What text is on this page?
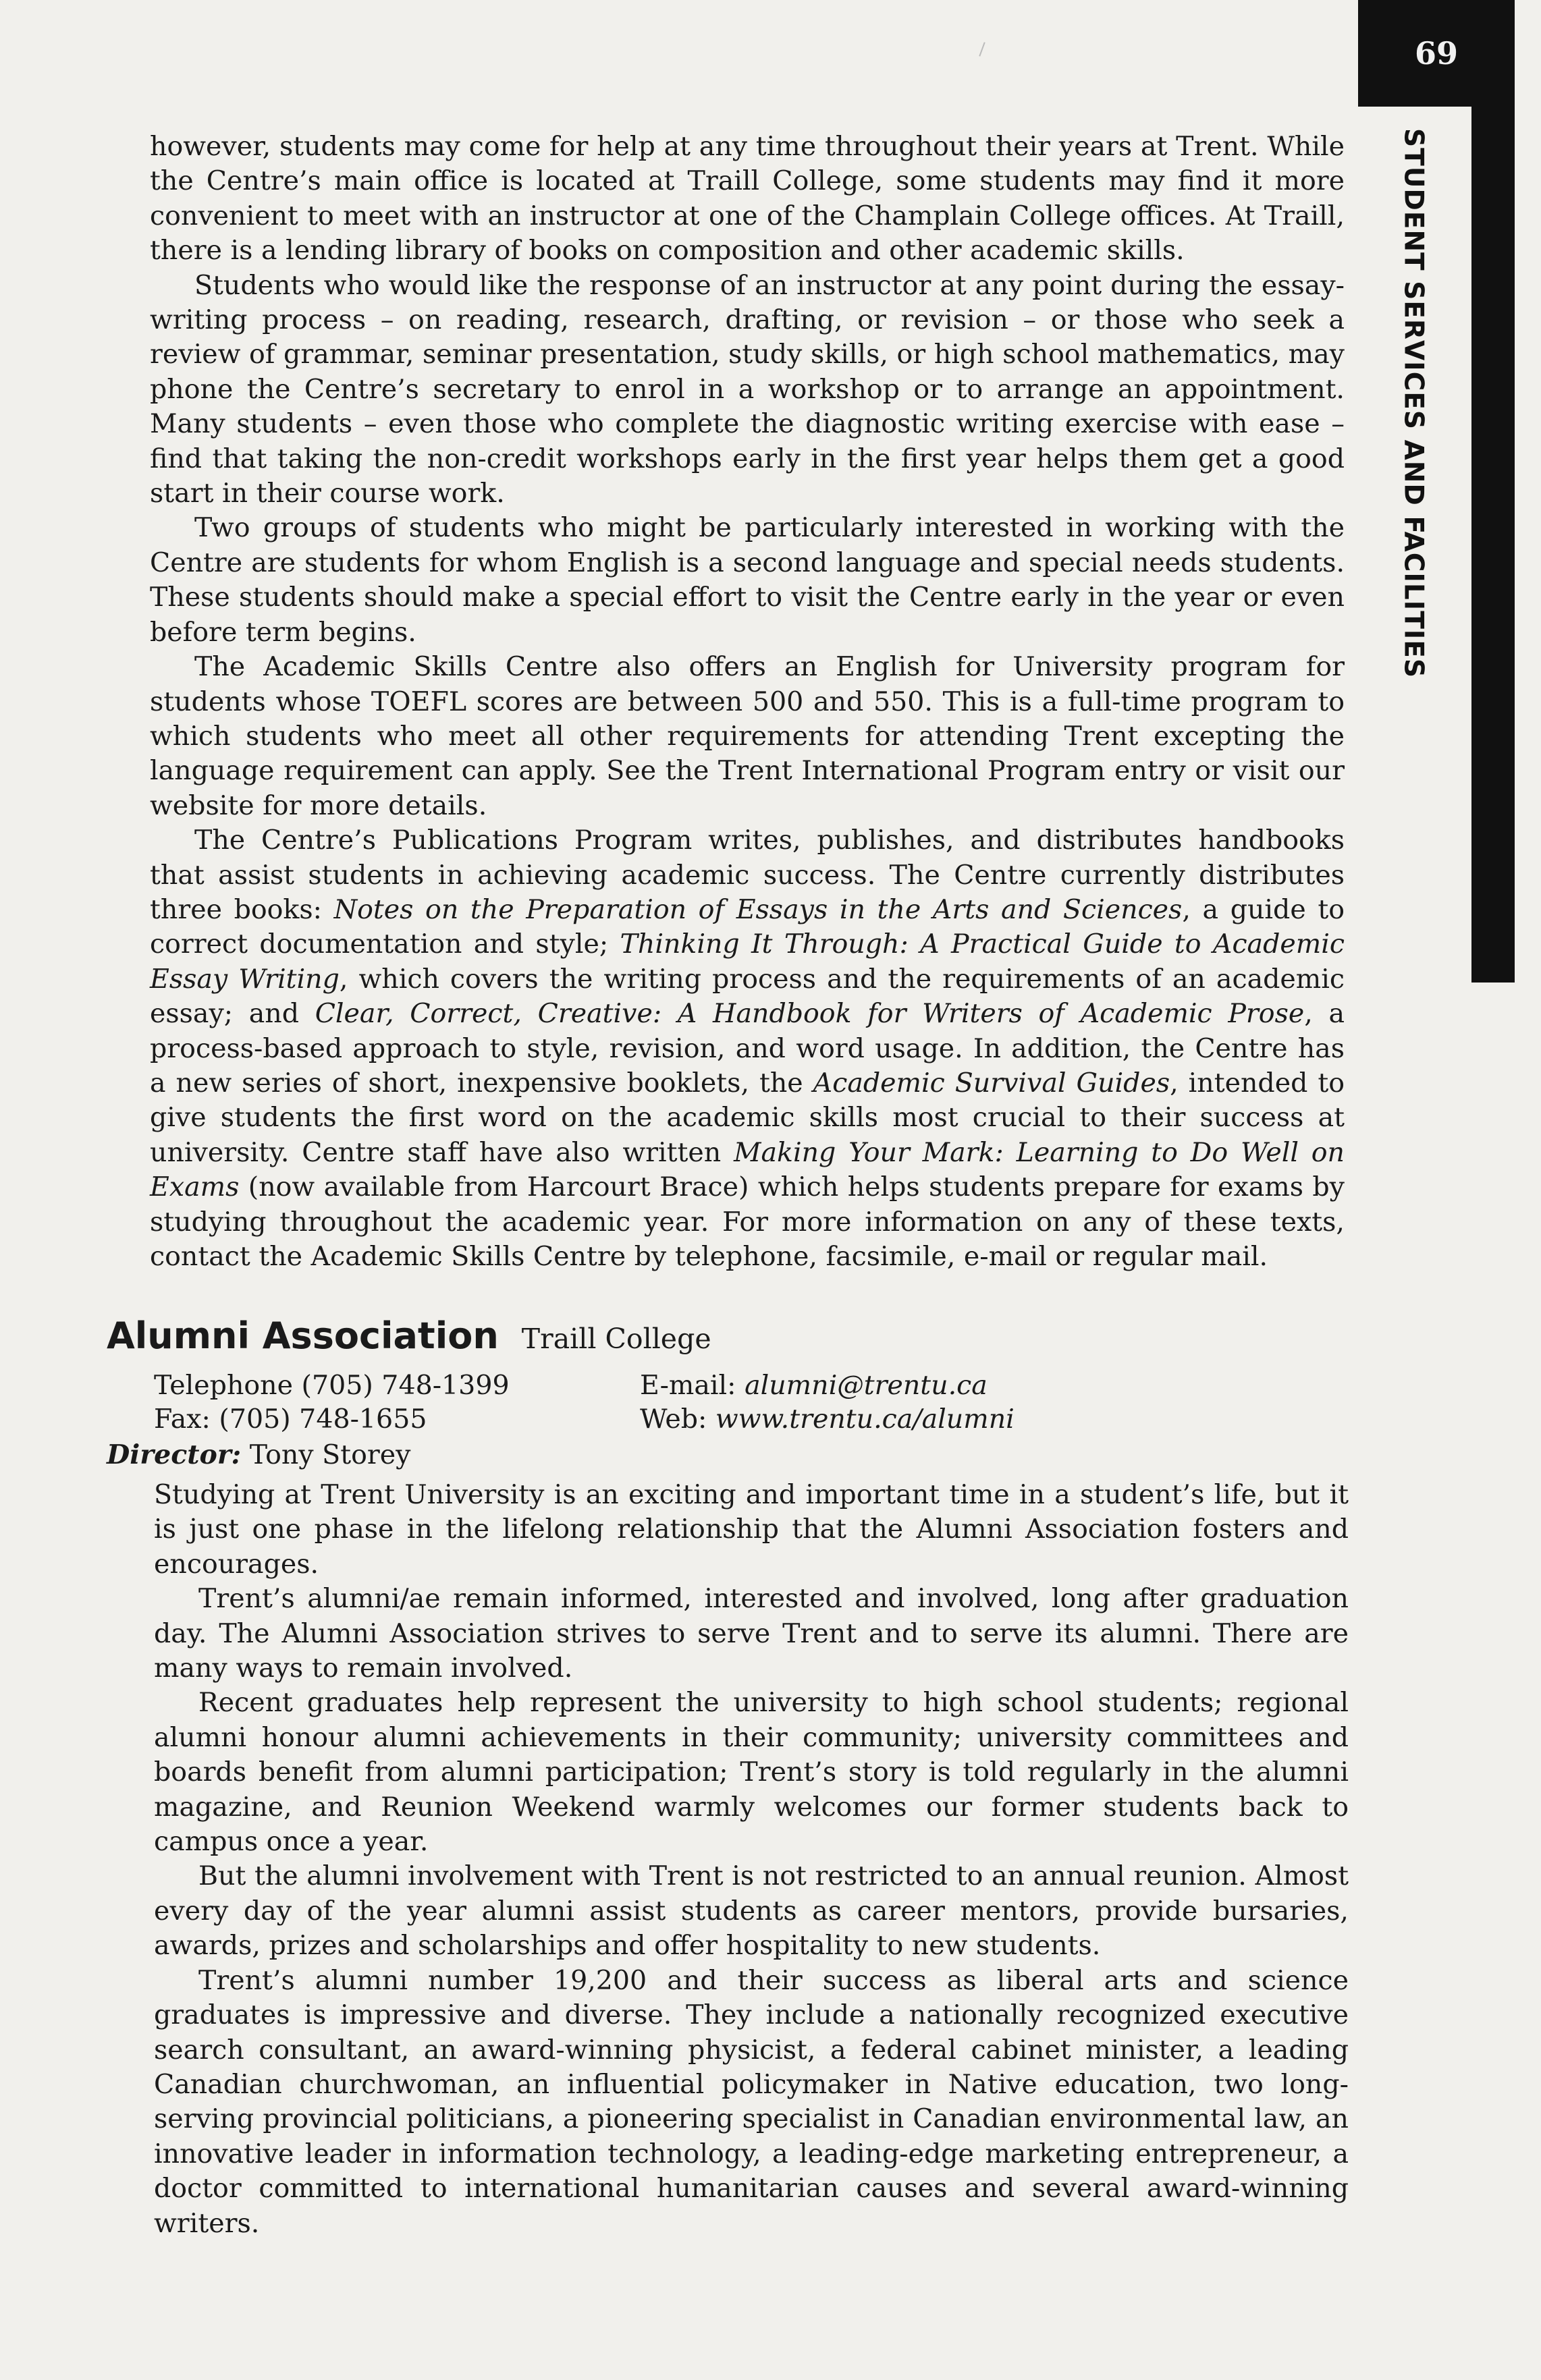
69
STUDENT SERVICES AND FACILITIES

however, students may come for help at any time throughout their years at Trent. While the Centre’s main office is located at Traill College, some students may find it more convenient to meet with an instructor at one of the Champlain College offices. At Traill, there is a lending library of books on composition and other academic skills.

Students who would like the response of an instructor at any point during the essay-writing process – on reading, research, drafting, or revision – or those who seek a review of grammar, seminar presentation, study skills, or high school mathematics, may phone the Centre’s secretary to enrol in a workshop or to arrange an appointment. Many students – even those who complete the diagnostic writing exercise with ease – find that taking the non-credit workshops early in the first year helps them get a good start in their course work.

Two groups of students who might be particularly interested in working with the Centre are students for whom English is a second language and special needs students. These students should make a special effort to visit the Centre early in the year or even before term begins.

The Academic Skills Centre also offers an English for University program for students whose TOEFL scores are between 500 and 550. This is a full-time program to which students who meet all other requirements for attending Trent excepting the language requirement can apply. See the Trent International Program entry or visit our website for more details.

The Centre’s Publications Program writes, publishes, and distributes handbooks that assist students in achieving academic success. The Centre currently distributes three books: Notes on the Preparation of Essays in the Arts and Sciences, a guide to correct documentation and style; Thinking It Through: A Practical Guide to Academic Essay Writing, which covers the writing process and the requirements of an academic essay; and Clear, Correct, Creative: A Handbook for Writers of Academic Prose, a process-based approach to style, revision, and word usage. In addition, the Centre has a new series of short, inexpensive booklets, the Academic Survival Guides, intended to give students the first word on the academic skills most crucial to their success at university. Centre staff have also written Making Your Mark: Learning to Do Well on Exams (now available from Harcourt Brace) which helps students prepare for exams by studying throughout the academic year. For more information on any of these texts, contact the Academic Skills Centre by telephone, facsimile, e-mail or regular mail.

Alumni Association Traill College
Telephone (705) 748-1399	E-mail: alumni@trentu.ca
Fax: (705) 748-1655	Web: www.trentu.ca/alumni
Director: Tony Storey

Studying at Trent University is an exciting and important time in a student’s life, but it is just one phase in the lifelong relationship that the Alumni Association fosters and encourages.

Trent’s alumni/ae remain informed, interested and involved, long after graduation day. The Alumni Association strives to serve Trent and to serve its alumni. There are many ways to remain involved.

Recent graduates help represent the university to high school students; regional alumni honour alumni achievements in their community; university committees and boards benefit from alumni participation; Trent’s story is told regularly in the alumni magazine, and Reunion Weekend warmly welcomes our former students back to campus once a year.

But the alumni involvement with Trent is not restricted to an annual reunion. Almost every day of the year alumni assist students as career mentors, provide bursaries, awards, prizes and scholarships and offer hospitality to new students.

Trent’s alumni number 19,200 and their success as liberal arts and science graduates is impressive and diverse. They include a nationally recognized executive search consultant, an award-winning physicist, a federal cabinet minister, a leading Canadian churchwoman, an influential policymaker in Native education, two long-serving provincial politicians, a pioneering specialist in Canadian environmental law, an innovative leader in information technology, a leading-edge marketing entrepreneur, a doctor committed to international humanitarian causes and several award-winning writers.
